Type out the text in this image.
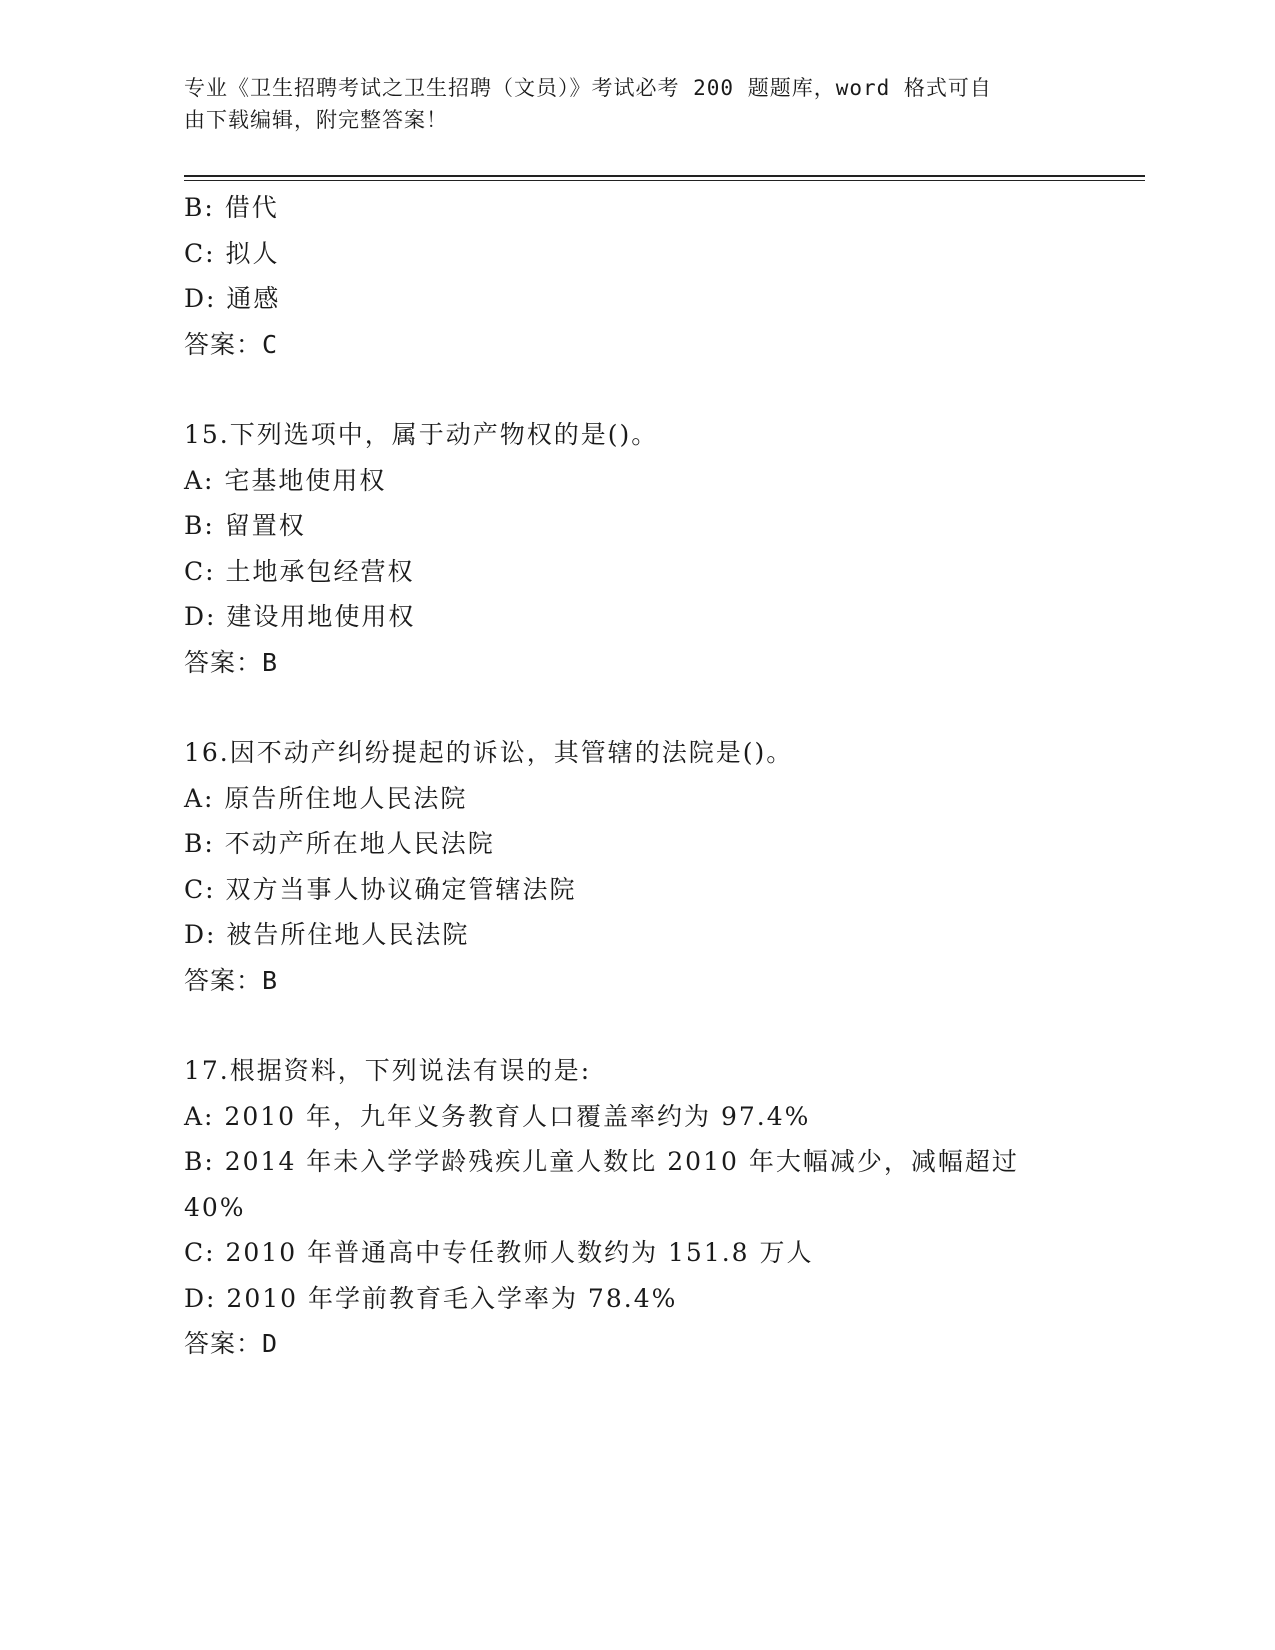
专业《卫生招聘考试之卫生招聘（文员）》考试必考 200 题题库，word 格式可自
由下载编辑，附完整答案！
B: 借代
C: 拟人
D: 通感
答案：C
15.下列选项中，属于动产物权的是()。
A: 宅基地使用权
B: 留置权
C: 土地承包经营权
D: 建设用地使用权
答案：B
16.因不动产纠纷提起的诉讼，其管辖的法院是()。
A: 原告所住地人民法院
B: 不动产所在地人民法院
C: 双方当事人协议确定管辖法院
D: 被告所住地人民法院
答案：B
17.根据资料，下列说法有误的是:
A: 2010 年，九年义务教育人口覆盖率约为 97.4%
B: 2014 年未入学学龄残疾儿童人数比 2010 年大幅减少，减幅超过
40%
C: 2010 年普通高中专任教师人数约为 151.8 万人
D: 2010 年学前教育毛入学率为 78.4%
答案：D
